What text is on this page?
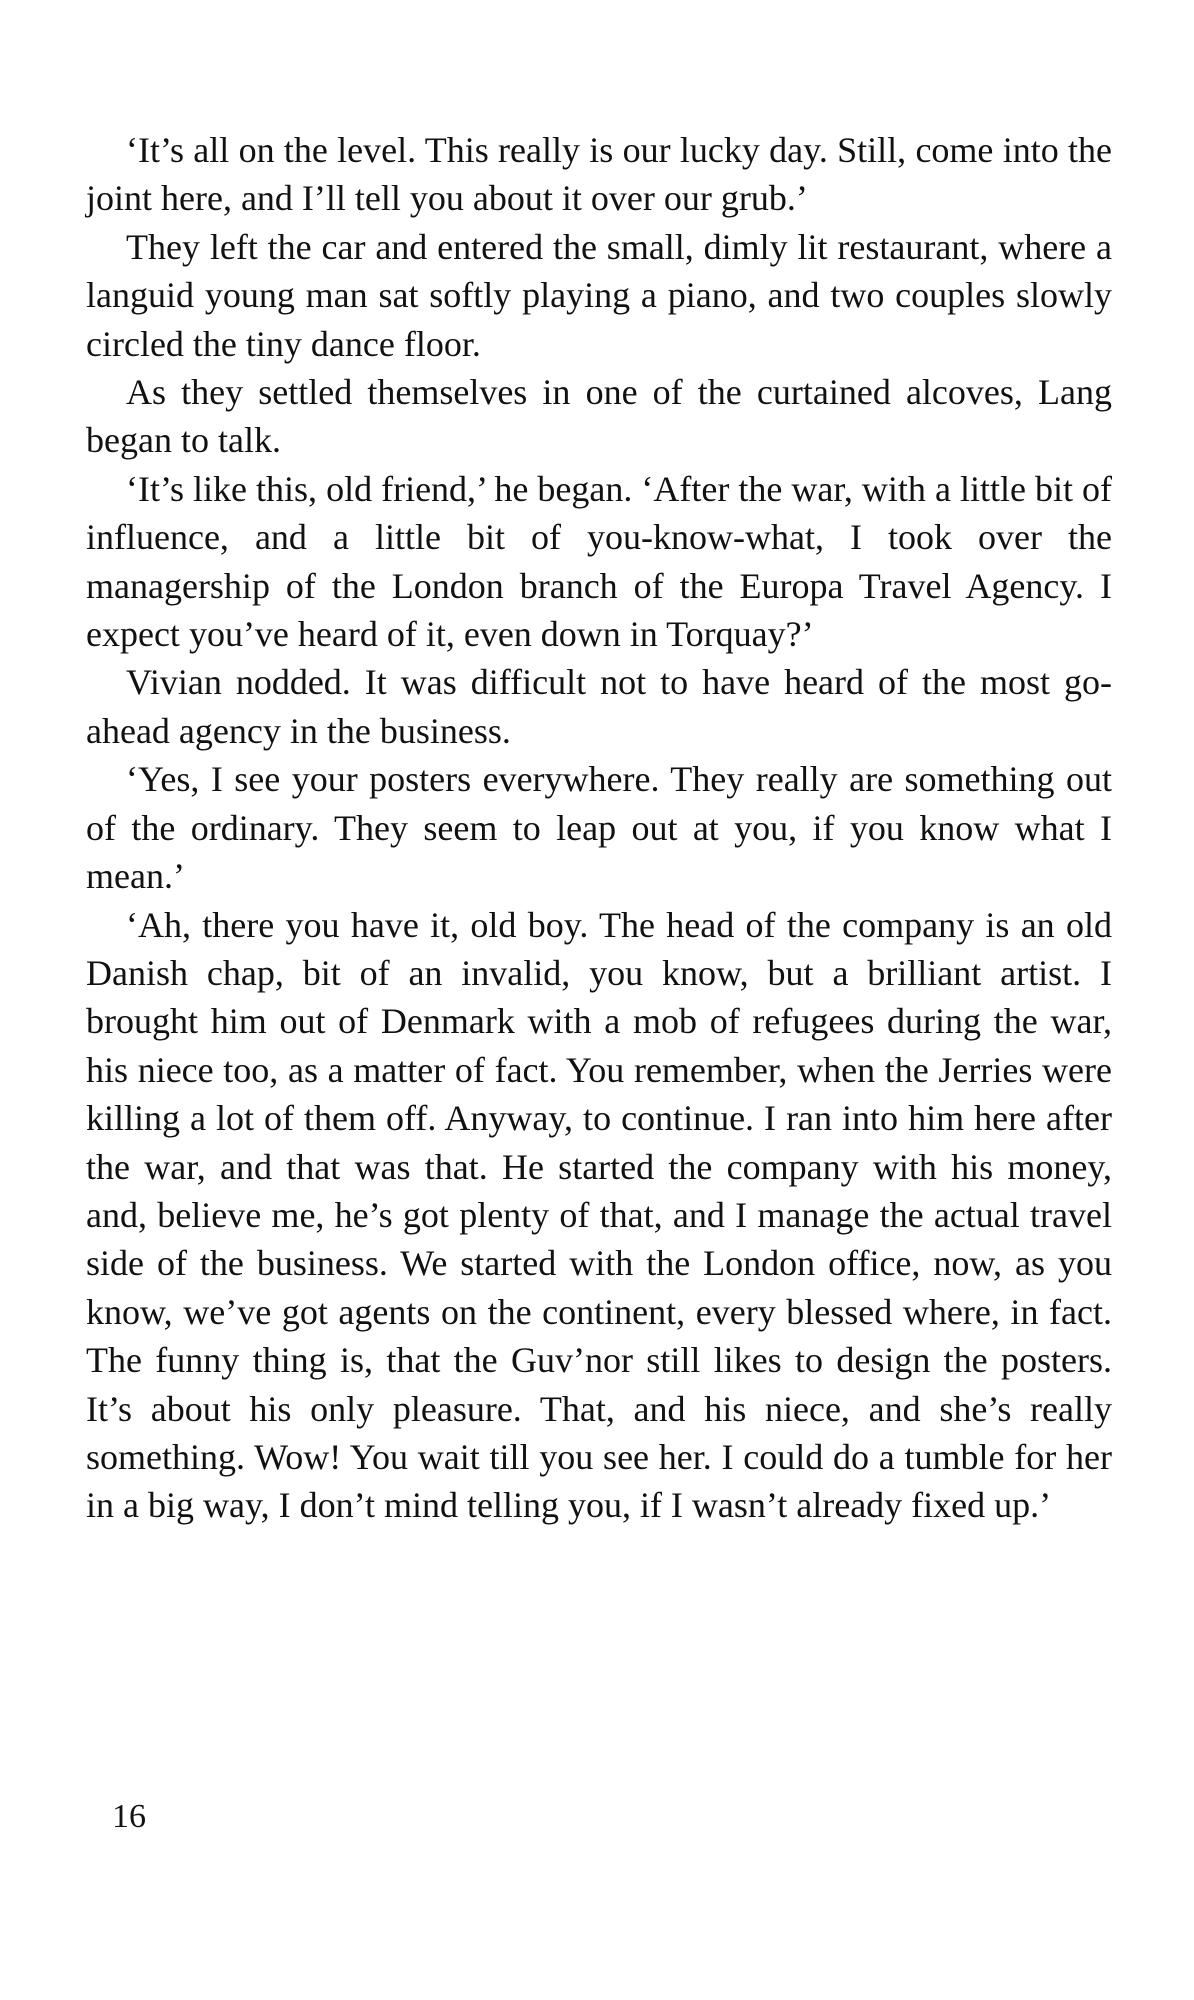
‘It’s all on the level. This really is our lucky day. Still, come into the joint here, and I’ll tell you about it over our grub.’

They left the car and entered the small, dimly lit restaurant, where a languid young man sat softly playing a piano, and two couples slowly circled the tiny dance floor.

As they settled themselves in one of the curtained alcoves, Lang began to talk.

‘It’s like this, old friend,’ he began. ‘After the war, with a little bit of influence, and a little bit of you-know-what, I took over the managership of the London branch of the Europa Travel Agency. I expect you’ve heard of it, even down in Torquay?’

Vivian nodded. It was difficult not to have heard of the most go-ahead agency in the business.

‘Yes, I see your posters everywhere. They really are something out of the ordinary. They seem to leap out at you, if you know what I mean.’

‘Ah, there you have it, old boy. The head of the company is an old Danish chap, bit of an invalid, you know, but a brilliant artist. I brought him out of Denmark with a mob of refugees during the war, his niece too, as a matter of fact. You remember, when the Jerries were killing a lot of them off. Anyway, to continue. I ran into him here after the war, and that was that. He started the company with his money, and, believe me, he’s got plenty of that, and I manage the actual travel side of the business. We started with the London office, now, as you know, we’ve got agents on the continent, every blessed where, in fact. The funny thing is, that the Guv’nor still likes to design the posters. It’s about his only pleasure. That, and his niece, and she’s really something. Wow! You wait till you see her. I could do a tumble for her in a big way, I don’t mind telling you, if I wasn’t already fixed up.’

16
